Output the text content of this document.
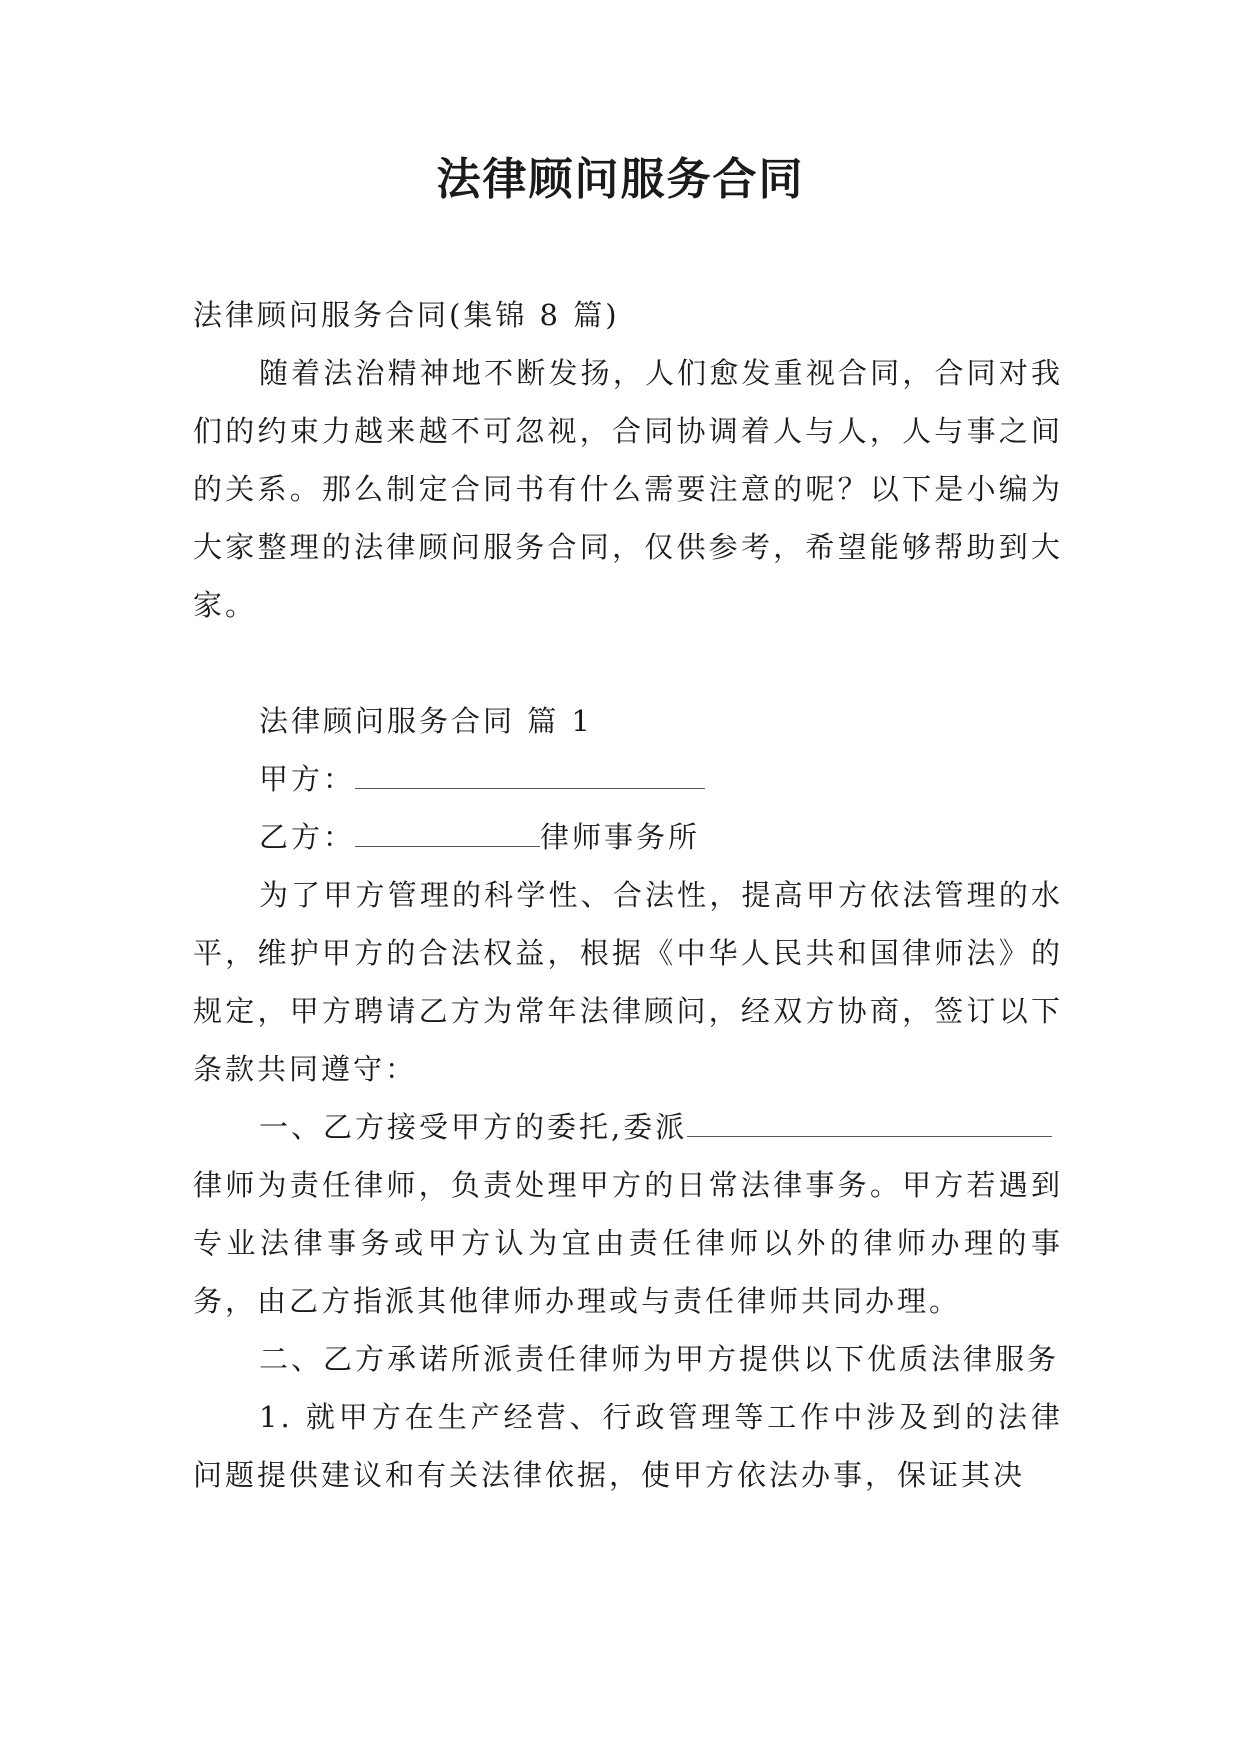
法律顾问服务合同

法律顾问服务合同(集锦 8 篇)

随着法治精神地不断发扬，人们愈发重视合同，合同对我们的约束力越来越不可忽视，合同协调着人与人，人与事之间的关系。那么制定合同书有什么需要注意的呢？以下是小编为大家整理的法律顾问服务合同，仅供参考，希望能够帮助到大家。

法律顾问服务合同 篇 1

甲方：

乙方：	律师事务所

为了甲方管理的科学性、合法性，提高甲方依法管理的水平，维护甲方的合法权益，根据《中华人民共和国律师法》的规定，甲方聘请乙方为常年法律顾问，经双方协商，签订以下条款共同遵守：

一、乙方接受甲方的委托,委派

律师为责任律师，负责处理甲方的日常法律事务。甲方若遇到专业法律事务或甲方认为宜由责任律师以外的律师办理的事务，由乙方指派其他律师办理或与责任律师共同办理。

二、乙方承诺所派责任律师为甲方提供以下优质法律服务

1. 就甲方在生产经营、行政管理等工作中涉及到的法律问题提供建议和有关法律依据，使甲方依法办事，保证其决
